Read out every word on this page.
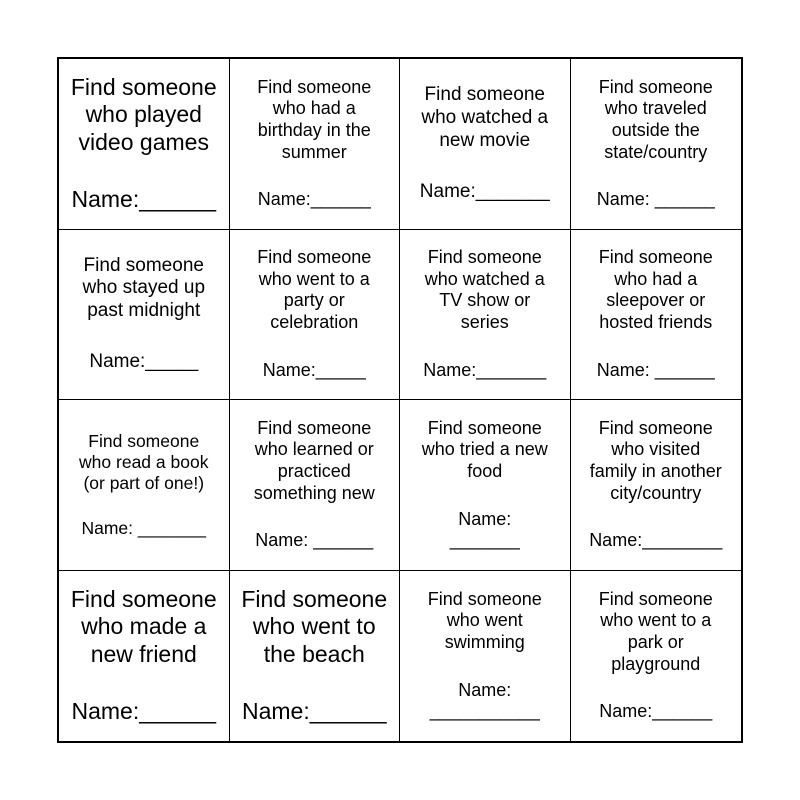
Find someone
who played
video games
Name:______
Find someone
who had a
birthday in the
summer
Name:______
Find someone
who watched a
new movie
Name:_______
Find someone
who traveled
outside the
state/country
Name: ______
Find someone
who stayed up
past midnight
Name:_____
Find someone
who went to a
party or
celebration
Name:_____
Find someone
who watched a
TV show or
series
Name:_______
Find someone
who had a
sleepover or
hosted friends
Name: ______
Find someone
who read a book
(or part of one!)
Name: _______
Find someone
who learned or
practiced
something new
Name: ______
Find someone
who tried a new
food
Name:
_______
Find someone
who visited
family in another
city/country
Name:________
Find someone
who made a
new friend
Name:______
Find someone
who went to
the beach
Name:______
Find someone
who went
swimming
Name:
___________
Find someone
who went to a
park or
playground
Name:______
